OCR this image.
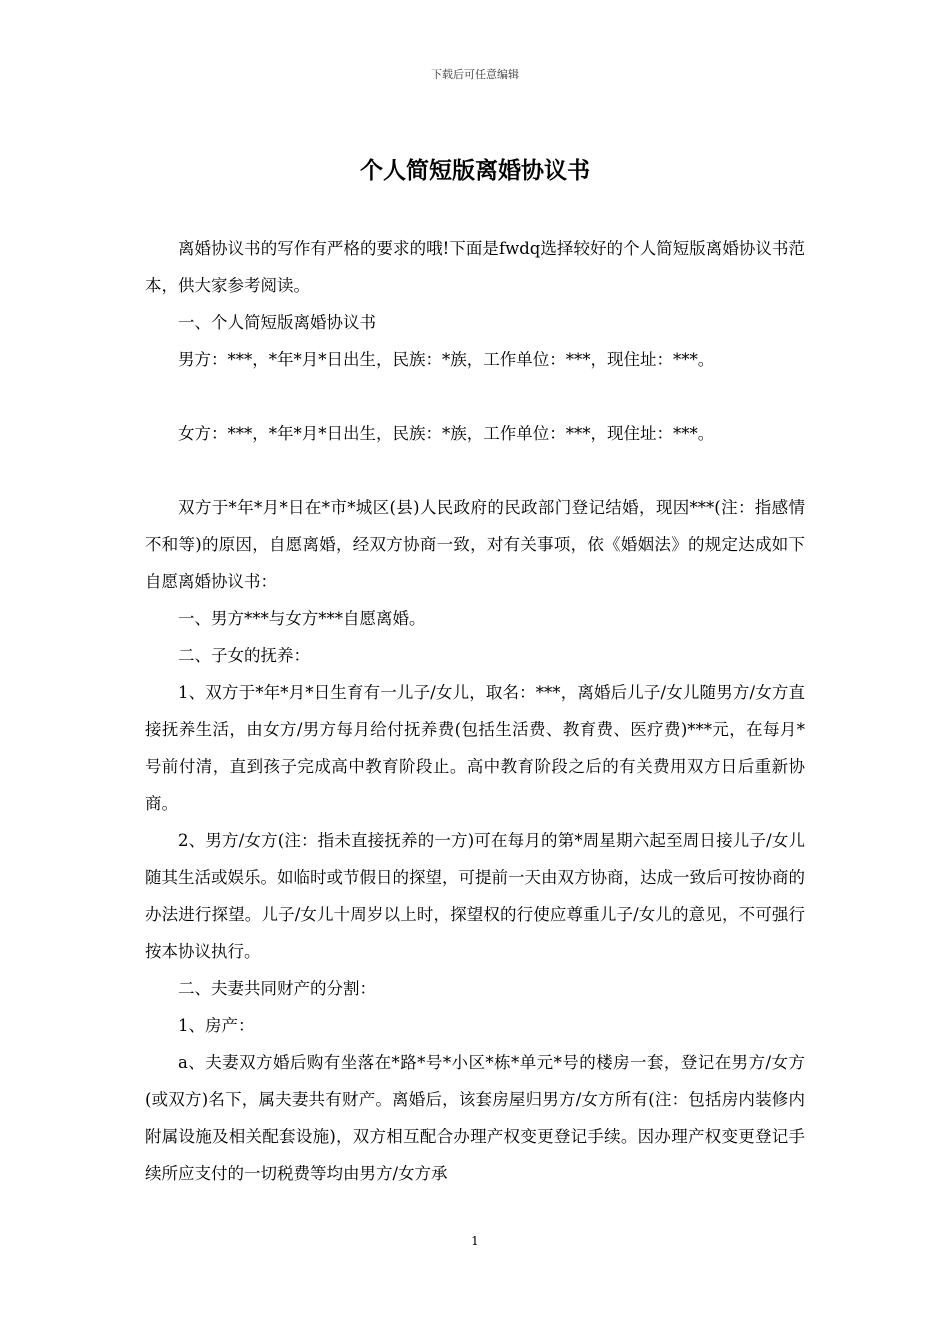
下载后可任意编辑
个人简短版离婚协议书

离婚协议书的写作有严格的要求的哦!下面是fwdq选择较好的个人简短版离婚协议书范本，供大家参考阅读。

一、个人简短版离婚协议书

男方：***，*年*月*日出生，民族：*族，工作单位：***，现住址：***。

女方：***，*年*月*日出生，民族：*族，工作单位：***，现住址：***。

双方于*年*月*日在*市*城区(县)人民政府的民政部门登记结婚，现因***(注：指感情不和等)的原因，自愿离婚，经双方协商一致，对有关事项，依《婚姻法》的规定达成如下自愿离婚协议书：

一、男方***与女方***自愿离婚。

二、子女的抚养：

1、双方于*年*月*日生育有一儿子/女儿，取名：***，离婚后儿子/女儿随男方/女方直接抚养生活，由女方/男方每月给付抚养费(包括生活费、教育费、医疗费)***元，在每月*号前付清，直到孩子完成高中教育阶段止。高中教育阶段之后的有关费用双方日后重新协商。

2、男方/女方(注：指未直接抚养的一方)可在每月的第*周星期六起至周日接儿子/女儿随其生活或娱乐。如临时或节假日的探望，可提前一天由双方协商，达成一致后可按协商的办法进行探望。儿子/女儿十周岁以上时，探望权的行使应尊重儿子/女儿的意见，不可强行按本协议执行。

二、夫妻共同财产的分割：

1、房产：

a、夫妻双方婚后购有坐落在*路*号*小区*栋*单元*号的楼房一套，登记在男方/女方(或双方)名下，属夫妻共有财产。离婚后，该套房屋归男方/女方所有(注：包括房内装修内附属设施及相关配套设施)，双方相互配合办理产权变更登记手续。因办理产权变更登记手续所应支付的一切税费等均由男方/女方承

1
